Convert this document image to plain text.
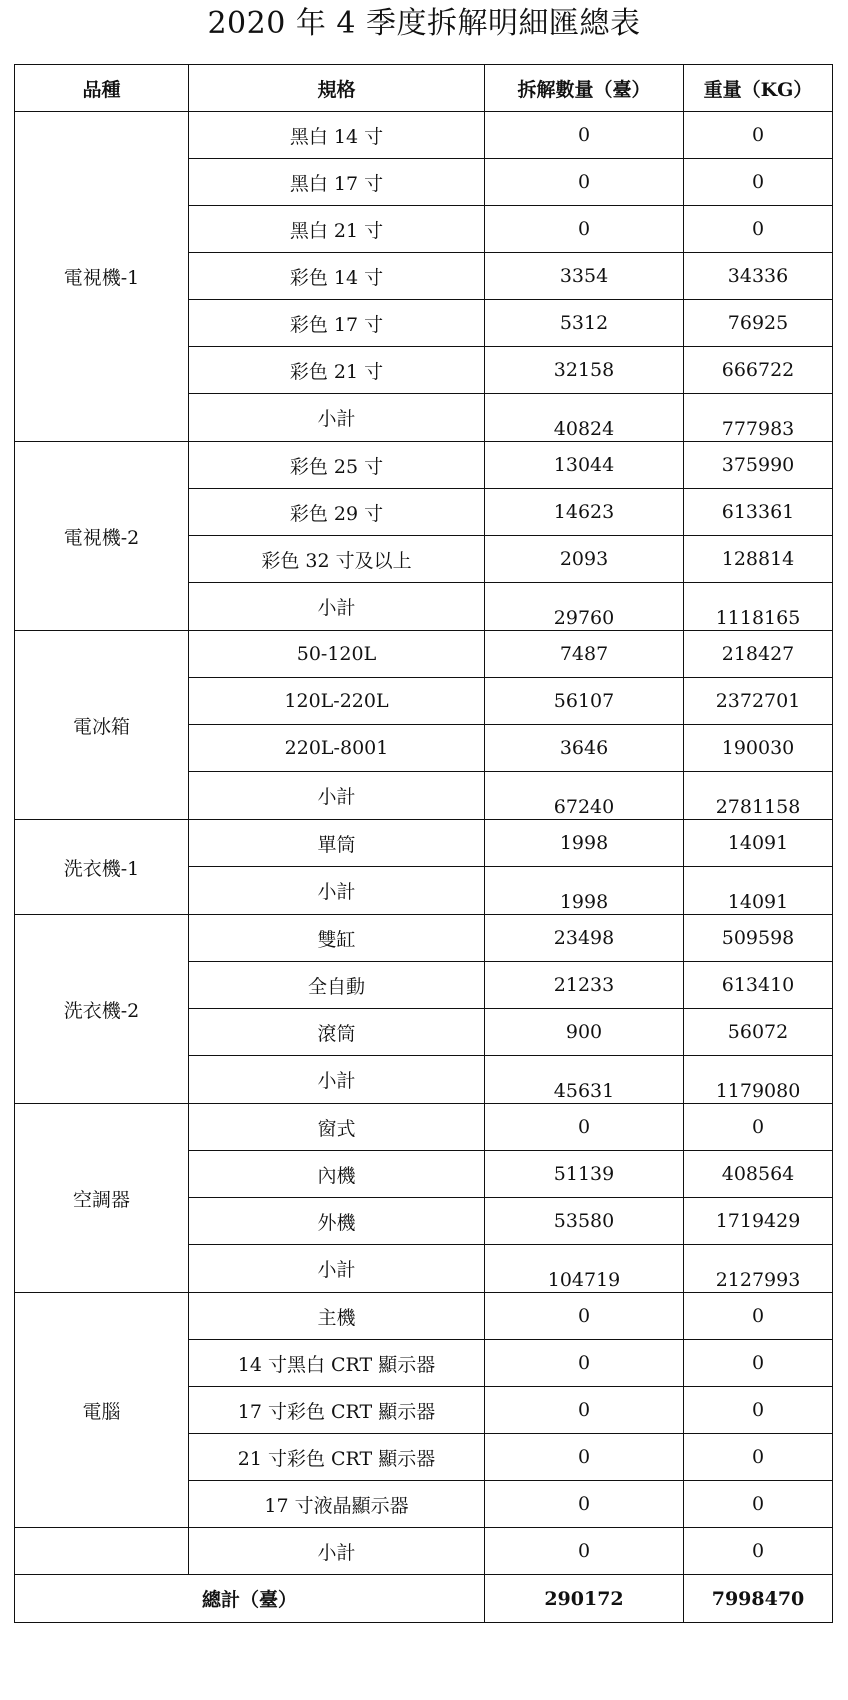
2020 年 4 季度拆解明細匯總表
品種	規格	拆解數量（臺）	重量（KG）
電視機-1	黑白 14 寸	0	0
	黑白 17 寸	0	0
	黑白 21 寸	0	0
	彩色 14 寸	3354	34336
	彩色 17 寸	5312	76925
	彩色 21 寸	32158	666722
	小計	40824	777983
電視機-2	彩色 25 寸	13044	375990
	彩色 29 寸	14623	613361
	彩色 32 寸及以上	2093	128814
	小計	29760	1118165
電冰箱	50-120L	7487	218427
	120L-220L	56107	2372701
	220L-8001	3646	190030
	小計	67240	2781158
洗衣機-1	單筒	1998	14091
	小計	1998	14091
洗衣機-2	雙缸	23498	509598
	全自動	21233	613410
	滾筒	900	56072
	小計	45631	1179080
空調器	窗式	0	0
	內機	51139	408564
	外機	53580	1719429
	小計	104719	2127993
電腦	主機	0	0
	14 寸黑白 CRT 顯示器	0	0
	17 寸彩色 CRT 顯示器	0	0
	21 寸彩色 CRT 顯示器	0	0
	17 寸液晶顯示器	0	0
	小計	0	0
總計（臺）		290172	7998470
